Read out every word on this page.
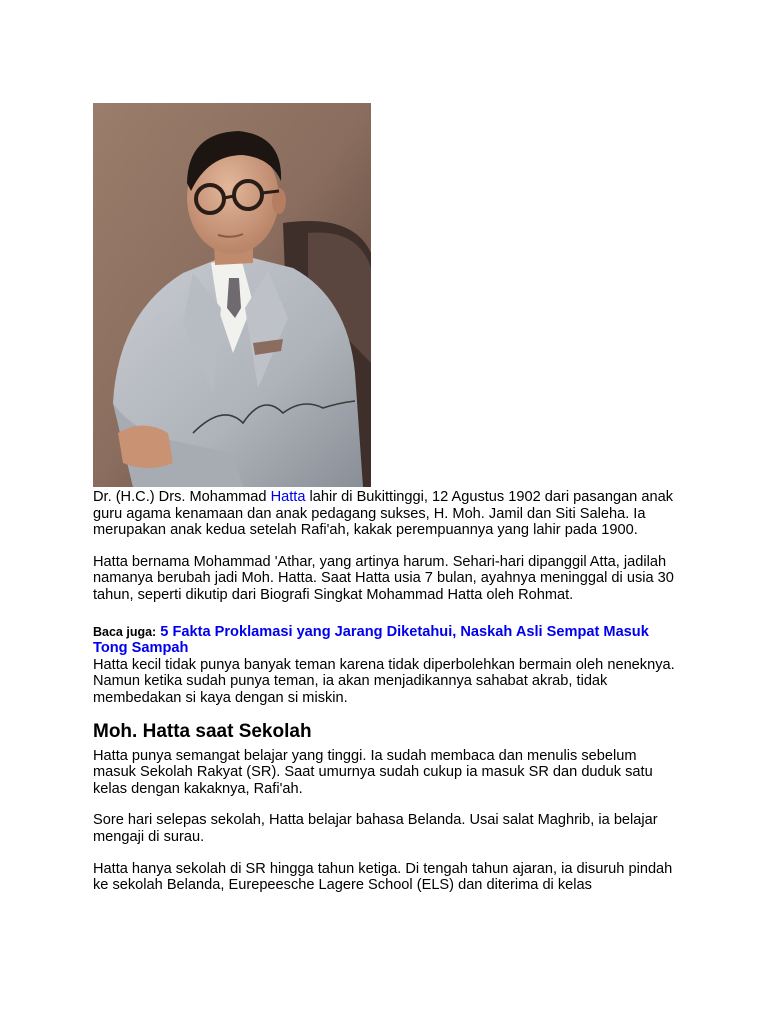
Dr. (H.C.) Drs. Mohammad Hatta lahir di Bukittinggi, 12 Agustus 1902 dari pasangan anak guru agama kenamaan dan anak pedagang sukses, H. Moh. Jamil dan Siti Saleha. Ia merupakan anak kedua setelah Rafi'ah, kakak perempuannya yang lahir pada 1900.

Hatta bernama Mohammad 'Athar, yang artinya harum. Sehari-hari dipanggil Atta, jadilah namanya berubah jadi Moh. Hatta. Saat Hatta usia 7 bulan, ayahnya meninggal di usia 30 tahun, seperti dikutip dari Biografi Singkat Mohammad Hatta oleh Rohmat.

Baca juga: 5 Fakta Proklamasi yang Jarang Diketahui, Naskah Asli Sempat Masuk Tong Sampah

Hatta kecil tidak punya banyak teman karena tidak diperbolehkan bermain oleh neneknya. Namun ketika sudah punya teman, ia akan menjadikannya sahabat akrab, tidak membedakan si kaya dengan si miskin.

Moh. Hatta saat Sekolah

Hatta punya semangat belajar yang tinggi. Ia sudah membaca dan menulis sebelum masuk Sekolah Rakyat (SR). Saat umurnya sudah cukup ia masuk SR dan duduk satu kelas dengan kakaknya, Rafi'ah.

Sore hari selepas sekolah, Hatta belajar bahasa Belanda. Usai salat Maghrib, ia belajar mengaji di surau.

Hatta hanya sekolah di SR hingga tahun ketiga. Di tengah tahun ajaran, ia disuruh pindah ke sekolah Belanda, Eurepeesche Lagere School (ELS) dan diterima di kelas
